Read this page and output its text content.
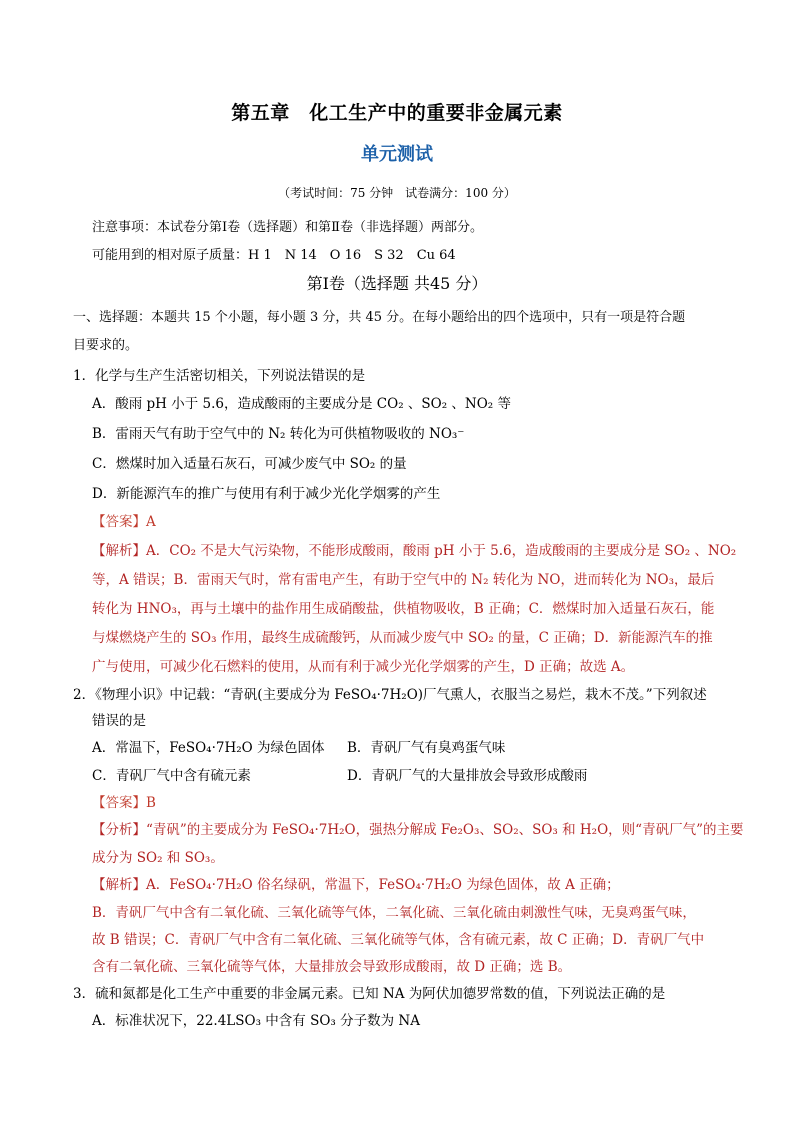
第五章　化工生产中的重要非金属元素
单元测试
（考试时间：75 分钟　试卷满分：100 分）
注意事项：本试卷分第Ⅰ卷（选择题）和第Ⅱ卷（非选择题）两部分。
可能用到的相对原子质量：H 1　N 14　O 16　S 32　Cu 64
第Ⅰ卷（选择题 共45 分）
一、选择题：本题共 15 个小题，每小题 3 分，共 45 分。在每小题给出的四个选项中，只有一项是符合题
目要求的。
1．化学与生产生活密切相关，下列说法错误的是
A．酸雨 pH 小于 5.6，造成酸雨的主要成分是 CO₂ 、SO₂ 、NO₂ 等
B．雷雨天气有助于空气中的 N₂ 转化为可供植物吸收的 NO₃⁻
C．燃煤时加入适量石灰石，可减少废气中 SO₂ 的量
D．新能源汽车的推广与使用有利于减少光化学烟雾的产生
【答案】A
【解析】A．CO₂ 不是大气污染物，不能形成酸雨，酸雨 pH 小于 5.6，造成酸雨的主要成分是 SO₂ 、NO₂
等，A 错误；B．雷雨天气时，常有雷电产生，有助于空气中的 N₂ 转化为 NO，进而转化为 NO₃，最后
转化为 HNO₃，再与土壤中的盐作用生成硝酸盐，供植物吸收，B 正确；C．燃煤时加入适量石灰石，能
与煤燃烧产生的 SO₃ 作用，最终生成硫酸钙，从而减少废气中 SO₂ 的量，C 正确；D．新能源汽车的推
广与使用，可减少化石燃料的使用，从而有利于减少光化学烟雾的产生，D 正确；故选 A。
2．《物理小识》中记载：“青矾(主要成分为 FeSO₄·7H₂O)厂气熏人，衣服当之易烂，栽木不茂。”下列叙述
错误的是
A．常温下，FeSO₄·7H₂O 为绿色固体 B．青矾厂气有臭鸡蛋气味
C．青矾厂气中含有硫元素	D．青矾厂气的大量排放会导致形成酸雨
【答案】B
【分析】“青矾”的主要成分为 FeSO₄·7H₂O，强热分解成 Fe₂O₃、SO₂、SO₃ 和 H₂O，则“青矾厂气”的主要
成分为 SO₂ 和 SO₃。
【解析】A．FeSO₄·7H₂O 俗名绿矾，常温下，FeSO₄·7H₂O 为绿色固体，故 A 正确；
B．青矾厂气中含有二氧化硫、三氧化硫等气体，二氧化硫、三氧化硫由刺激性气味，无臭鸡蛋气味，
故 B 错误；C．青矾厂气中含有二氧化硫、三氧化硫等气体，含有硫元素，故 C 正确；D．青矾厂气中
含有二氧化硫、三氧化硫等气体，大量排放会导致形成酸雨，故 D 正确；选 B。
3．硫和氮都是化工生产中重要的非金属元素。已知 NA 为阿伏加德罗常数的值，下列说法正确的是
A．标准状况下，22.4LSO₃ 中含有 SO₃ 分子数为 NA
